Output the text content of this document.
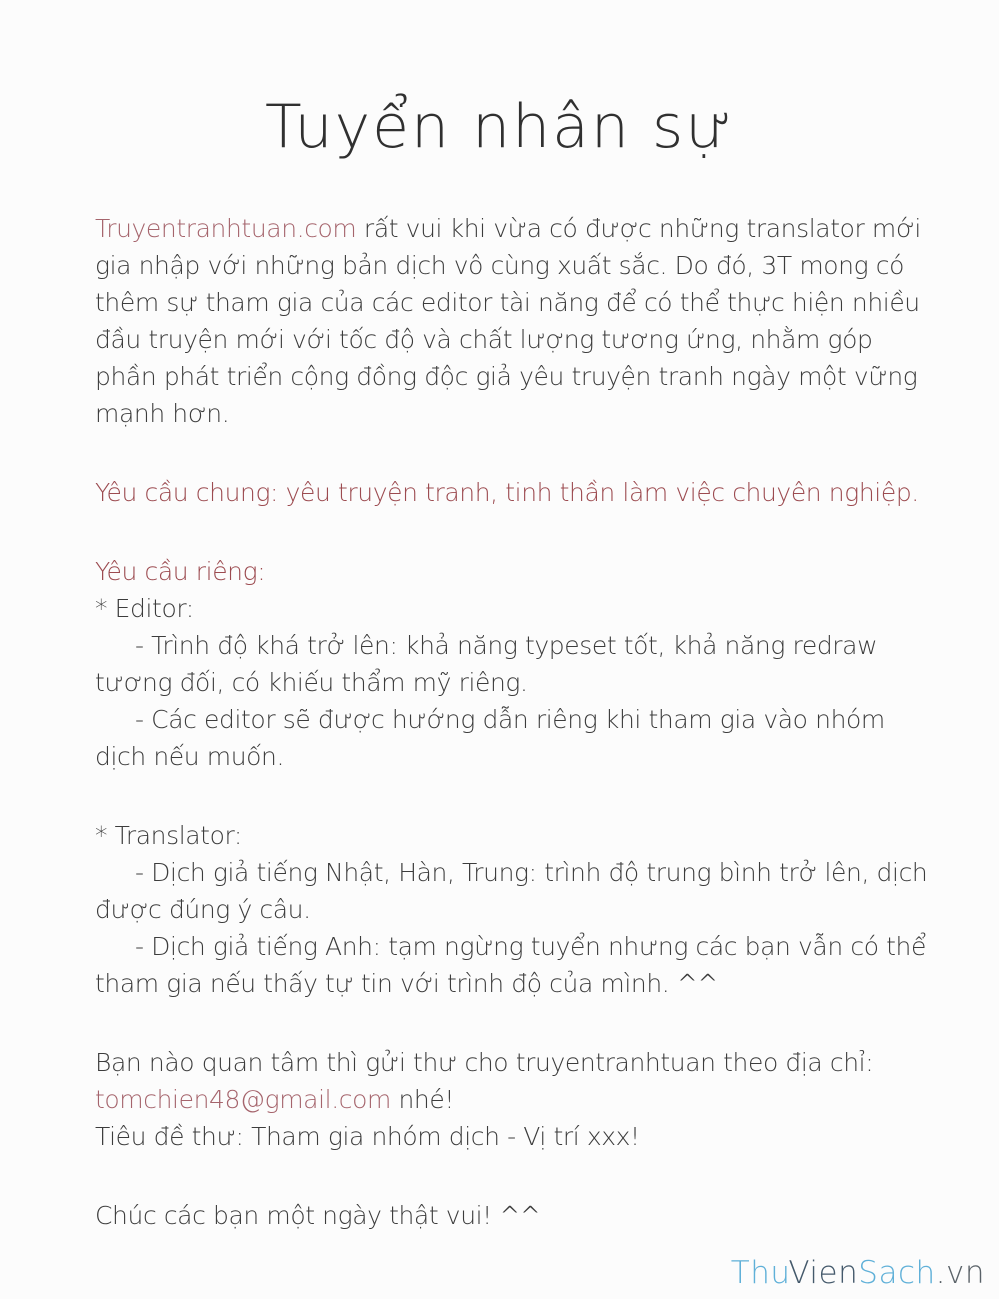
Tuyển nhân sự

Truyentranhtuan.com rất vui khi vừa có được những translator mới gia nhập với những bản dịch vô cùng xuất sắc. Do đó, 3T mong có thêm sự tham gia của các editor tài năng để có thể thực hiện nhiều đầu truyện mới với tốc độ và chất lượng tương ứng, nhằm góp phần phát triển cộng đồng độc giả yêu truyện tranh ngày một vững mạnh hơn.

Yêu cầu chung: yêu truyện tranh, tinh thần làm việc chuyên nghiệp.

Yêu cầu riêng:

* Editor:

- Trình độ khá trở lên: khả năng typeset tốt, khả năng redraw tương đối, có khiếu thẩm mỹ riêng.

- Các editor sẽ được hướng dẫn riêng khi tham gia vào nhóm dịch nếu muốn.

* Translator:

- Dịch giả tiếng Nhật, Hàn, Trung: trình độ trung bình trở lên, dịch được đúng ý câu.

- Dịch giả tiếng Anh: tạm ngừng tuyển nhưng các bạn vẫn có thể tham gia nếu thấy tự tin với trình độ của mình. ^^

Bạn nào quan tâm thì gửi thư cho truyentranhtuan theo địa chỉ:

tomchien48@gmail.com nhé!

Tiêu đề thư: Tham gia nhóm dịch - Vị trí xxx!

Chúc các bạn một ngày thật vui! ^^

ThuVienSach.vn
